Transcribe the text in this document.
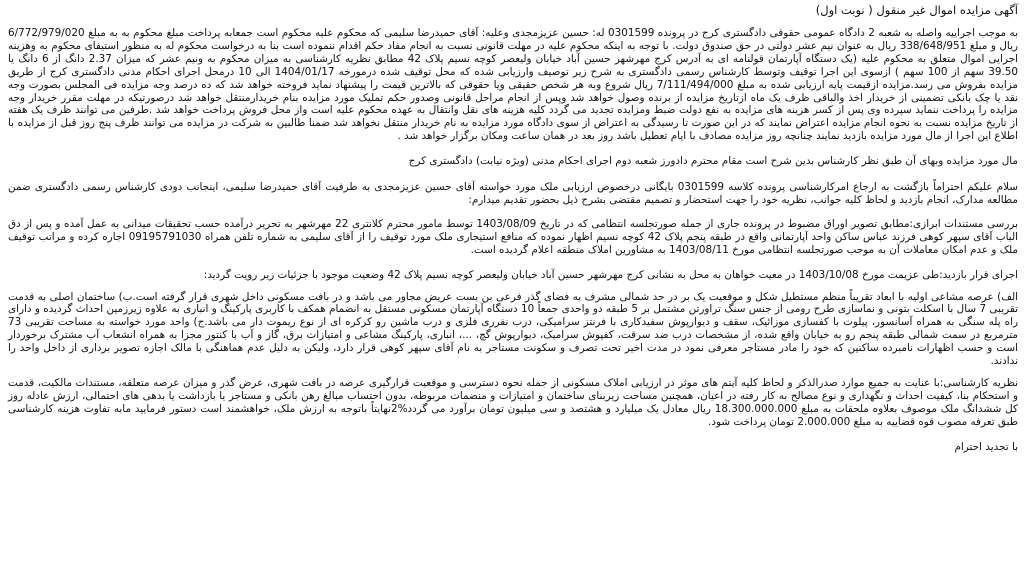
آگهی مزایده اموال غیر منقول ( نوبت اول)

به موجب اجراییه واصله به شعبه 2 دادگاه عمومی حقوقی دادگستری کرج در پرونده 0301599 له: حسین عزیزمجدی وعلیه: آقای حمیدرضا سلیمی که محکوم علیه محکوم است جمعابه پرداخت مبلغ محکوم به به مبلغ 6/772/979/020 ریال و مبلغ 338/648/951 ریال به عنوان نیم عشر دولتی در حق صندوق دولت. با توجه به اینکه محکوم علیه در مهلت قانونی نسبت به انجام مفاد حکم اقدام ننموده است بنا به درخواست محکوم له به منظور استیفای محکوم به وهزینه اجرایی اموال متعلق به محکوم علیه (یک دستگاه آپارتمان قولنامه ای به آدرس کرج مهرشهر حسین آباد خیابان ولیعصر کوچه نسیم پلاک 42 مطابق نظریه کارشناسی به میزان محکوم به ونیم عشر که میزان 2.37 دانگ از 6 دانگ یا 39.50 سهم از 100 سهم ) ازسوی این اجرا توقیف وتوسط کارشناس رسمی دادگستری به شرح زیر توصیف وارزیابی شده که محل توقیف شده درمورخه 1404/01/17 الی 10 درمحل اجرای احکام مدنی دادگستری کرج از طریق مزایده بفروش می رسد.مزایده ازقیمت پایه ارزیابی شده به مبلغ 7/111/494/000 ریال شروع وبه هر شخص حقیقی ویا حقوقی که بالاترین قیمت را پیشنهاد نماید فروخته خواهد شد که ده درصد وجه مزایده فی المجلس بصورت وجه نقد یا چک بانکی تضمینی از خریدار اخذ والباقی ظرف یک ماه ازتاریخ مزایده از برنده وصول خواهد شد وپس از انجام مراحل قانونی وصدور حکم تملیک مورد مزایده بنام خریدارمنتقل خواهد شد درصورتیکه در مهلت مقرر خریدار وجه مزایده را پرداخت ننماید سپرده وی پس از کسر هزینه های مزایده به نفع دولت ضبط ومزایده تجدید می گردد کلیه هزینه های نقل وانتقال به عهده محکوم علیه است واز محل فروش پرداخت خواهد شد .طرفین می توانند ظرف یک هفته از تاریخ مزایده نسبت به نحوه انجام مزایده اعتراض نمایند که در این صورت تا رسیدگی به اعتراض از سوی دادگاه مورد مزایده به نام خریدار منتقل نخواهد شد ضمنا طالبین به شرکت در مزایده می توانند ظرف پنج روز قبل از مزایده با اطلاع این اجرا از مال مورد مزایده بازدید نمایند چنانچه روز مزایده مصادف با ایام تعطیل باشد روز بعد در همان ساعت ومکان برگزار خواهد شد .

مال مورد مزایده وبهای آن طبق نظر کارشناس بدین شرح است مقام محترم دادورز شعبه دوم اجرای احکام مدنی (ویژه نیابت) دادگستری کرج

سلام علیکم احتراماً بازگشت به ارجاع امرکارشناسی پرونده کلاسه 0301599 بایگانی درخصوص ارزیابی ملک مورد خواسته آقای حسین عزیزمجدی به طرفیت آقای حمیدرضا سلیمی، اینجانب دودی کارشناس رسمی دادگستری ضمن مطالعه مدارک، انجام بازدید و لحاظ کلیه جوانب، نظریه خود را جهت استحضار و تصمیم مقتضی بشرح ذیل بحضور تقدیم میدارم:

بررسی مستندات ابرازی:مطابق تصویر اوراق مضبوط در پرونده جاری از جمله صورتجلسه انتظامی که در تاریخ 1403/08/09 توسط مامور محترم کلانتری 22 مهرشهر به تحریر درآمده حسب تحقیقات میدانی به عمل آمده و پس از دق الباب آقای سپهر کوهی فرزند عباس ساکن واحد آپارتمانی واقع در طبقه پنجم پلاک 42 کوچه نسیم اظهار نموده که منافع استیجاری ملک مورد توقیف را از آقای سلیمی به شماره تلفن همراه 09195791030 اجاره کرده و مراتب توقیف ملک و عدم امکان معاملات آن به موجب صورتجلسه انتظامی مورخ 1403/08/11 به مشاورین املاک منطقه اعلام گردیده است.

اجرای قرار بازدید:طی عزیمت مورخ 1403/10/08 در معیت خواهان به محل به نشانی کرج مهرشهر حسین آباد خیابان ولیعصر کوچه نسیم پلاک 42 وضعیت موجود با جزئیات زیر رویت گردید:

الف) عرصه مشاعی اولیه با ابعاد تقریباً منظم مستطیل شکل و موقعیت یک بر در حد شمالی مشرف به فضای گذر فرعی بن بست عریض مجاور می باشد و در بافت مسکونی داخل شهری قرار گرفته است.ب) ساختمان اصلی به قدمت تقریبی 7 سال با اسکلت بتونی و نماسازی طرح رومی از جنس سنگ تراورتن مشتمل بر 5 طبقه دو واحدی جمعاً 10 دستگاه آپارتمان مسکونی مستقل به انضمام همکف با کاربری پارکینگ و انباری به علاوه زیرزمین احداث گردیده و دارای راه پله سنگی به همراه آسانسور، پیلوت با کفسازی موزائیک، سقف و دیوارپوش سفیدکاری با فرنتز سرامیکی، درب نفرری فلزی و درب ماشین رو کرکره ای از نوع ریموت دار می باشد.ج) واحد مورد خواسته به مساحت تقریبی 73 مترمربع در سمت شمالی طبقه پنجم رو به خیابان واقع شده، از مشخصات درب ضد سرقت، کفپوش سرامیک، دیوارپوش گچ، ...، انباری، پارکینگ مشاعی و امتیازات برق، گاز و آب با کنتور مجزا به همراه انشعاب آب مشترک برخوردار است و حسب اظهارات نامبرده ساکنین که خود را مادر مستاجر معرفی نمود در مدت اخیر تحت تصرف و سکونت مستاجر به نام آقای سپهر کوهی قرار دارد، ولیکن به دلیل عدم هماهنگی با مالک اجازه تصویر برداری از داخل واحد را ندادند.

نظریه کارشناسی:با عنایت به جمیع موارد صدرالذکر و لحاظ کلیه آیتم های موثر در ارزیابی املاک مسکونی از جمله نحوه دسترسی و موقعیت قرارگیری عرصه در بافت شهری، عرض گذر و میزان عرصه متعلقه، مستندات مالکیت، قدمت و استحکام بنا، کیفیت احداث و نگهداری و نوع مصالح به کار رفته در اعیان، همچنین مساحت زیربنای ساختمان و امتیازات و منضمات مربوطه، بدون احتساب مبالغ رهن بانکی و مستاجر یا بازداشت یا بدهی های احتمالی، ارزش عادله روز کل ششدانگ ملک موصوف بعلاوه ملحقات به مبلغ 18.300.000.000 ریال معادل یک میلیارد و هشتصد و سی میلیون تومان برآورد می گردد%2نهایتاً باتوجه به ارزش ملک، خواهشمند است دستور فرمایید مابه تفاوت هزینه کارشناسی طبق تعرفه مصوب قوه قضاییه به مبلغ 2.000.000 تومان پرداخت شود.

با تجدید احترام
